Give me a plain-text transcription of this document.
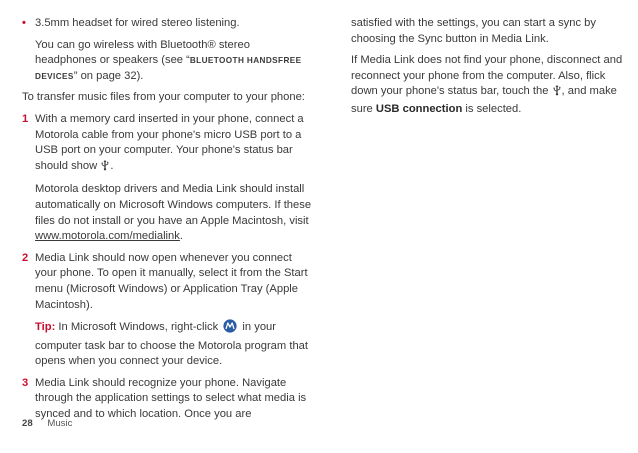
• 3.5mm headset for wired stereo listening.

You can go wireless with Bluetooth® stereo headphones or speakers (see “BLUETOOTH HANDSFREE DEVICES” on page 32).

To transfer music files from your computer to your phone:

1 With a memory card inserted in your phone, connect a Motorola cable from your phone's micro USB port to a USB port on your computer. Your phone's status bar should show .

Motorola desktop drivers and Media Link should install automatically on Microsoft Windows computers. If these files do not install or you have an Apple Macintosh, visit www.motorola.com/medialink.

2 Media Link should now open whenever you connect your phone. To open it manually, select it from the Start menu (Microsoft Windows) or Application Tray (Apple Macintosh).

Tip: In Microsoft Windows, right-click in your computer task bar to choose the Motorola program that opens when you connect your device.

3 Media Link should recognize your phone. Navigate through the application settings to select what media is synced and to which location. Once you are

satisfied with the settings, you can start a sync by choosing the Sync button in Media Link.

If Media Link does not find your phone, disconnect and reconnect your phone from the computer. Also, flick down your phone's status bar, touch the , and make sure USB connection is selected.

28 Music
